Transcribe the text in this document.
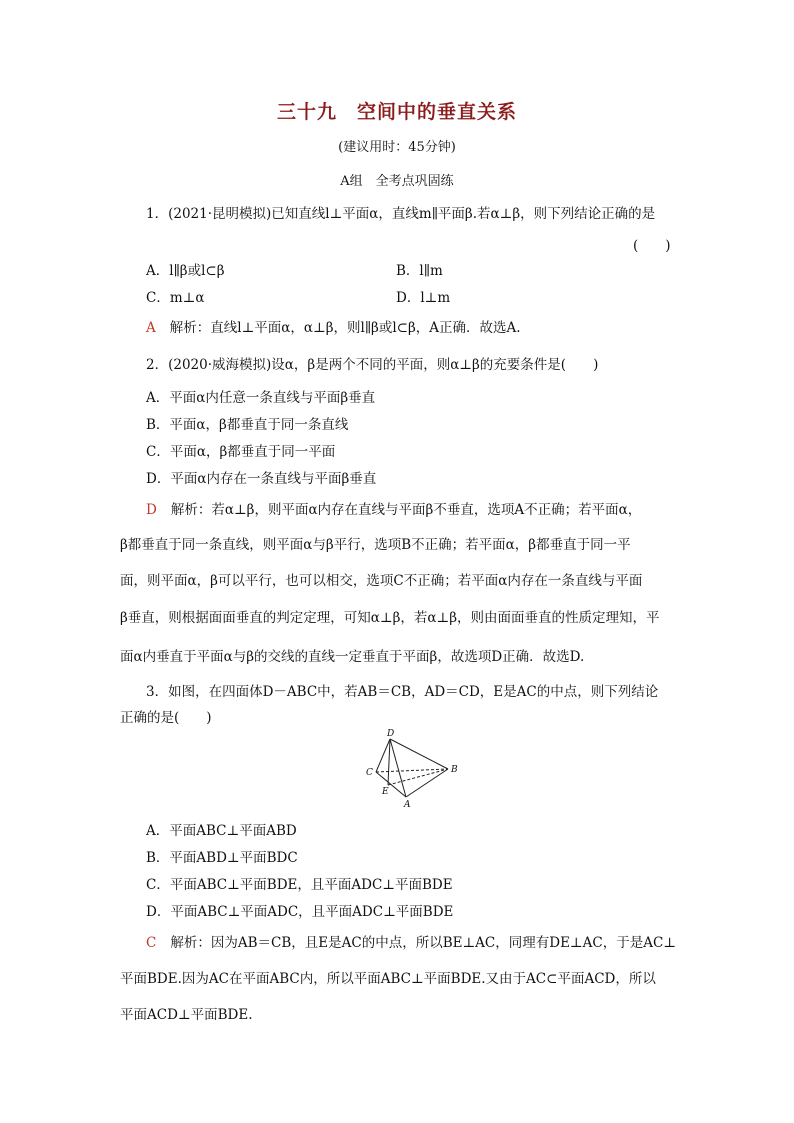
三十九　空间中的垂直关系
(建议用时：45分钟)
A组　全考点巩固练
1．(2021·昆明模拟)已知直线l⊥平面α，直线m∥平面β.若α⊥β，则下列结论正确的是
(　　)
A．l∥β或l⊂β	B．l∥m
C．m⊥α	D．l⊥m
A 解析：直线l⊥平面α，α⊥β，则l∥β或l⊂β，A正确．故选A.
2．(2020·威海模拟)设α，β是两个不同的平面，则α⊥β的充要条件是(　　)
A．平面α内任意一条直线与平面β垂直
B．平面α，β都垂直于同一条直线
C．平面α，β都垂直于同一平面
D．平面α内存在一条直线与平面β垂直
D 解析：若α⊥β，则平面α内存在直线与平面β不垂直，选项A不正确；若平面α，
β都垂直于同一条直线，则平面α与β平行，选项B不正确；若平面α，β都垂直于同一平
面，则平面α，β可以平行，也可以相交，选项C不正确；若平面α内存在一条直线与平面
β垂直，则根据面面垂直的判定定理，可知α⊥β，若α⊥β，则由面面垂直的性质定理知，平
面α内垂直于平面α与β的交线的直线一定垂直于平面β，故选项D正确．故选D.
3．如图，在四面体D－ABC中，若AB＝CB，AD＝CD，E是AC的中点，则下列结论
正确的是(　　)
D
C	B
E
A
A．平面ABC⊥平面ABD
B．平面ABD⊥平面BDC
C．平面ABC⊥平面BDE，且平面ADC⊥平面BDE
D．平面ABC⊥平面ADC，且平面ADC⊥平面BDE
C 解析：因为AB＝CB，且E是AC的中点，所以BE⊥AC，同理有DE⊥AC，于是AC⊥
平面BDE.因为AC在平面ABC内，所以平面ABC⊥平面BDE.又由于AC⊂平面ACD，所以
平面ACD⊥平面BDE.
